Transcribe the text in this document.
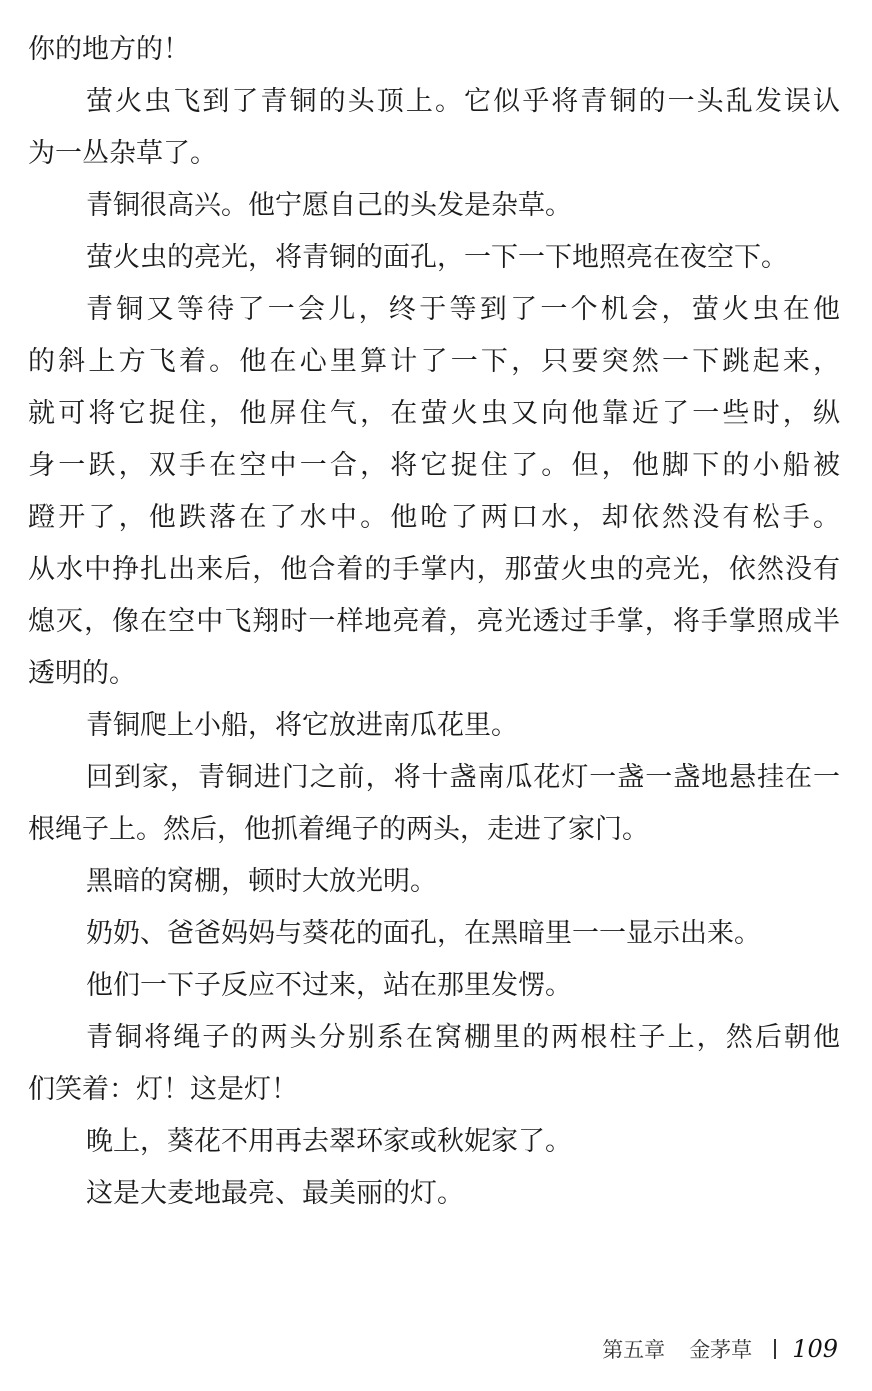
你的地方的！
萤火虫飞到了青铜的头顶上。它似乎将青铜的一头乱发误认
为一丛杂草了。
青铜很高兴。他宁愿自己的头发是杂草。
萤火虫的亮光，将青铜的面孔，一下一下地照亮在夜空下。
青铜又等待了一会儿，终于等到了一个机会，萤火虫在他
的斜上方飞着。他在心里算计了一下，只要突然一下跳起来，
就可将它捉住，他屏住气，在萤火虫又向他靠近了一些时，纵
身一跃，双手在空中一合，将它捉住了。但，他脚下的小船被
蹬开了，他跌落在了水中。他呛了两口水，却依然没有松手。
从水中挣扎出来后，他合着的手掌内，那萤火虫的亮光，依然没有
熄灭，像在空中飞翔时一样地亮着，亮光透过手掌，将手掌照成半
透明的。
青铜爬上小船，将它放进南瓜花里。
回到家，青铜进门之前，将十盏南瓜花灯一盏一盏地悬挂在一
根绳子上。然后，他抓着绳子的两头，走进了家门。
黑暗的窝棚，顿时大放光明。
奶奶、爸爸妈妈与葵花的面孔，在黑暗里一一显示出来。
他们一下子反应不过来，站在那里发愣。
青铜将绳子的两头分别系在窝棚里的两根柱子上，然后朝他
们笑着：灯！这是灯！
晚上，葵花不用再去翠环家或秋妮家了。
这是大麦地最亮、最美丽的灯。
第五章 金茅草 109
